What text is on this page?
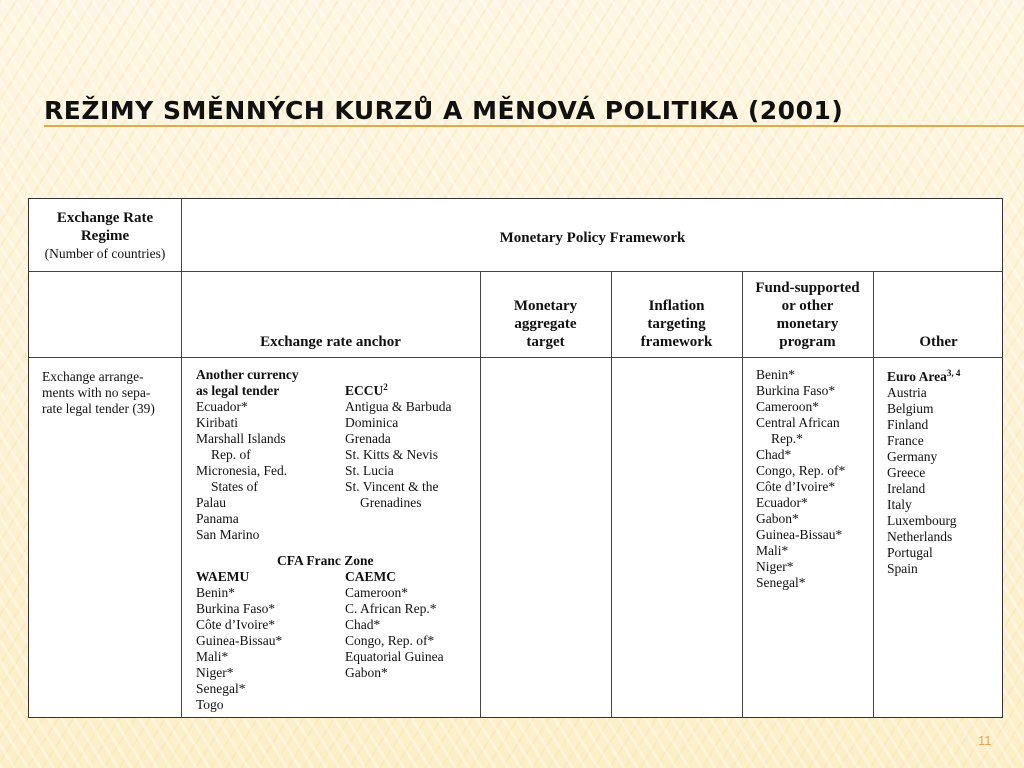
REŽIMY SMĚNNÝCH KURZŮ A MĚNOVÁ POLITIKA (2001)
Exchange Rate
Regime
(Number of countries)
Monetary Policy Framework
Exchange rate anchor
Monetary
aggregate
target
Inflation
targeting
framework
Fund-supported
or other
monetary
program	Other
Exchange arrange-
ments with no sepa-
rate legal tender (39)
Another currency
as legal tender
Ecuador*
Kiribati
Marshall Islands
Rep. of
Micronesia, Fed.
States of
Palau
Panama
San Marino
ECCU$^2$
Antigua & Barbuda
Dominica
Grenada
St. Kitts & Nevis
St. Lucia
St. Vincent & the
Grenadines
CFA Franc Zone
WAEMU
Benin*
Burkina Faso*
Côte d’Ivoire*
Guinea-Bissau*
Mali*
Niger*
Senegal*
Togo
CAEMC
Cameroon*
C. African Rep.*
Chad*
Congo, Rep. of*
Equatorial Guinea
Gabon*
Benin*
Burkina Faso*
Cameroon*
Central African
Rep.*
Chad*
Congo, Rep. of*
Côte d’Ivoire*
Ecuador*
Gabon*
Guinea-Bissau*
Mali*
Niger*
Senegal*
Euro Area$^{3, 4}$
Austria
Belgium
Finland
France
Germany
Greece
Ireland
Italy
Luxembourg
Netherlands
Portugal
Spain
11
